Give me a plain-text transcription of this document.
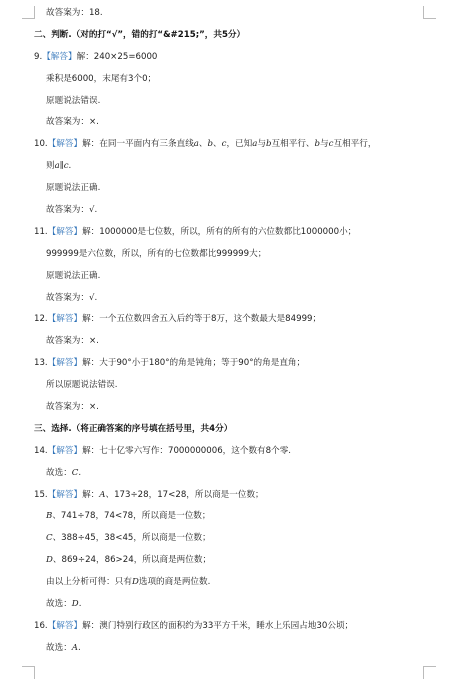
故答案为：18.
二、判断.（对的打“√”，错的打“&#215;”，共5分）
9.【解答】解：240×25=6000
乘积是6000，末尾有3个0；
原题说法错误.
故答案为：×.
10.【解答】解：在同一平面内有三条直线a、b、c，已知a与b互相平行、b与c互相平行，
则a∥c.
原题说法正确.
故答案为：√.
11.【解答】解：1000000是七位数，所以，所有的所有的六位数都比1000000小；
999999是六位数，所以，所有的七位数都比999999大；
原题说法正确.
故答案为：√.
12.【解答】解：一个五位数四舍五入后约等于8万，这个数最大是84999；
故答案为：×.
13.【解答】解：大于90°小于180°的角是钝角；等于90°的角是直角；
所以原题说法错误.
故答案为：×.
三、选择.（将正确答案的序号填在括号里，共4分）
14.【解答】解：七十亿零六写作：7000000006，这个数有8个零.
故选：C.
15.【解答】解：A、173÷28，17<28，所以商是一位数；
B、741÷78，74<78，所以商是一位数；
C、388÷45，38<45，所以商是一位数；
D、869÷24，86>24，所以商是两位数；
由以上分析可得：只有D选项的商是两位数.
故选：D.
16.【解答】解：澳门特别行政区的面积约为33平方千米，睡水上乐园占地30公顷；
故选：A.
